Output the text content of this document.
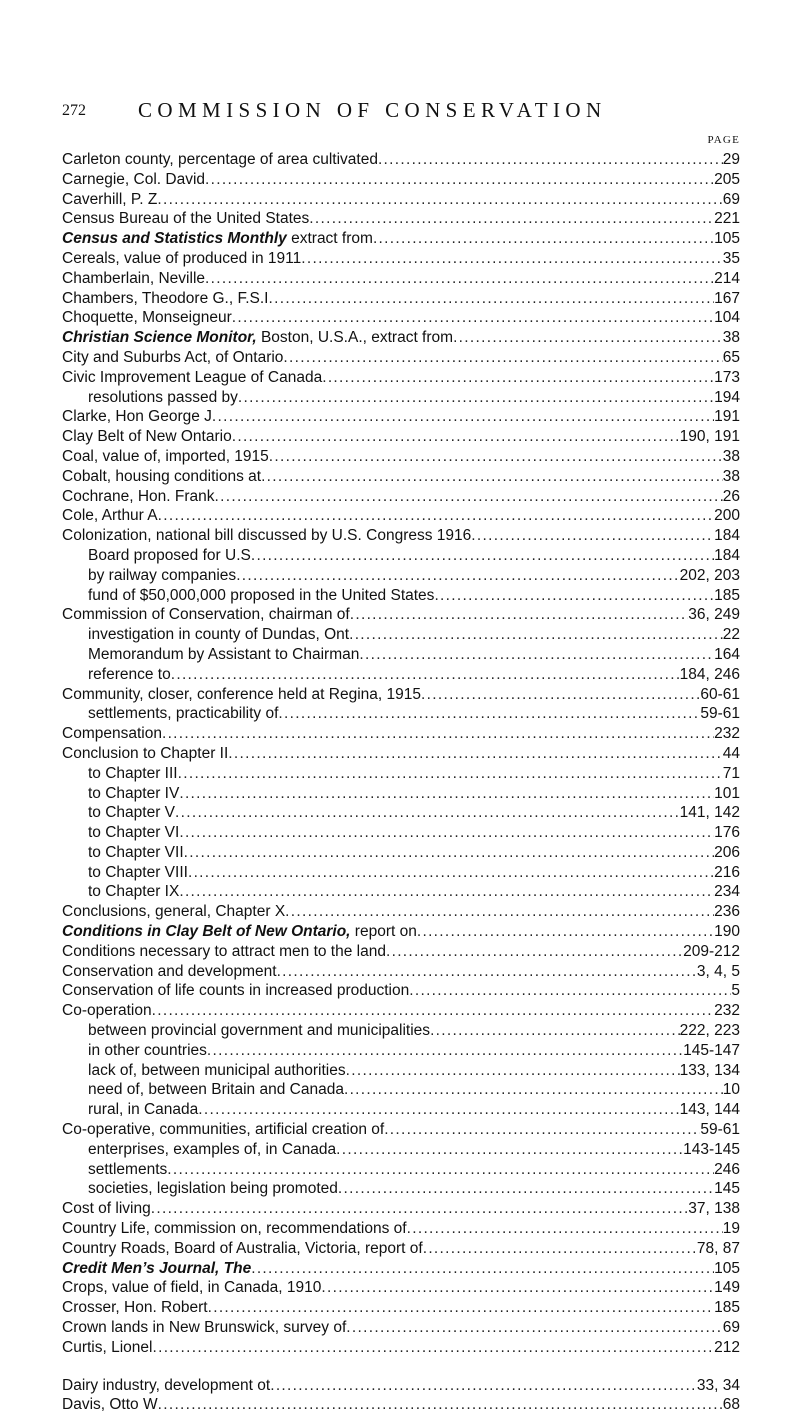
272 COMMISSION OF CONSERVATION
PAGE
Carleton county, percentage of area cultivated . . .	29
Carnegie, Col. David . . .	205
Caverhill, P. Z . . .	69
Census Bureau of the United States . . .	221
Census and Statistics Monthly extract from . . .	105
Cereals, value of produced in 1911 . . .	35
Chamberlain, Neville . . .	214
Chambers, Theodore G., F.S.I . . .	167
Choquette, Monseigneur . . .	104
Christian Science Monitor, Boston, U.S.A., extract from . . .	38
City and Suburbs Act, of Ontario . . .	65
Civic Improvement League of Canada . . .	173
resolutions passed by . . .	194
Clarke, Hon George J . . .	191
Clay Belt of New Ontario . . .	190, 191
Coal, value of, imported, 1915 . . .	38
Cobalt, housing conditions at . . .	38
Cochrane, Hon. Frank . . .	26
Cole, Arthur A . . .	200
Colonization, national bill discussed by U.S. Congress 1916 . . .	184
Board proposed for U.S . . .	184
by railway companies . . .	202, 203
fund of $50,000,000 proposed in the United States . . .	185
Commission of Conservation, chairman of . . .	36, 249
investigation in county of Dundas, Ont . . .	22
Memorandum by Assistant to Chairman . . .	164
reference to . . .	184, 246
Community, closer, conference held at Regina, 1915 . . .	60-61
settlements, practicability of . . .	59-61
Compensation . . .	232
Conclusion to Chapter II . . .	44
to Chapter III . . .	71
to Chapter IV . . .	101
to Chapter V . . .	141, 142
to Chapter VI . . .	176
to Chapter VII . . .	206
to Chapter VIII . . .	216
to Chapter IX . . .	234
Conclusions, general, Chapter X . . .	236
Conditions in Clay Belt of New Ontario, report on . . .	190
Conditions necessary to attract men to the land . . .	209-212
Conservation and development . . .	3, 4, 5
Conservation of life counts in increased production . . .	5
Co-operation . . .	232
between provincial government and municipalities . . .	222, 223
in other countries . . .	145-147
lack of, between municipal authorities . . .	133, 134
need of, between Britain and Canada . . .	10
rural, in Canada . . .	143, 144
Co-operative, communities, artificial creation of . . .	59-61
enterprises, examples of, in Canada . . .	143-145
settlements . . .	246
societies, legislation being promoted . . .	145
Cost of living . . .	37, 138
Country Life, commission on, recommendations of . . .	19
Country Roads, Board of Australia, Victoria, report of . . .	78, 87
Credit Men’s Journal, The . . .	105
Crops, value of field, in Canada, 1910 . . .	149
Crosser, Hon. Robert . . .	185
Crown lands in New Brunswick, survey of . . .	69
Curtis, Lionel . . .	212
Dairy industry, development ot . . .	33, 34
Davis, Otto W . . .	68
